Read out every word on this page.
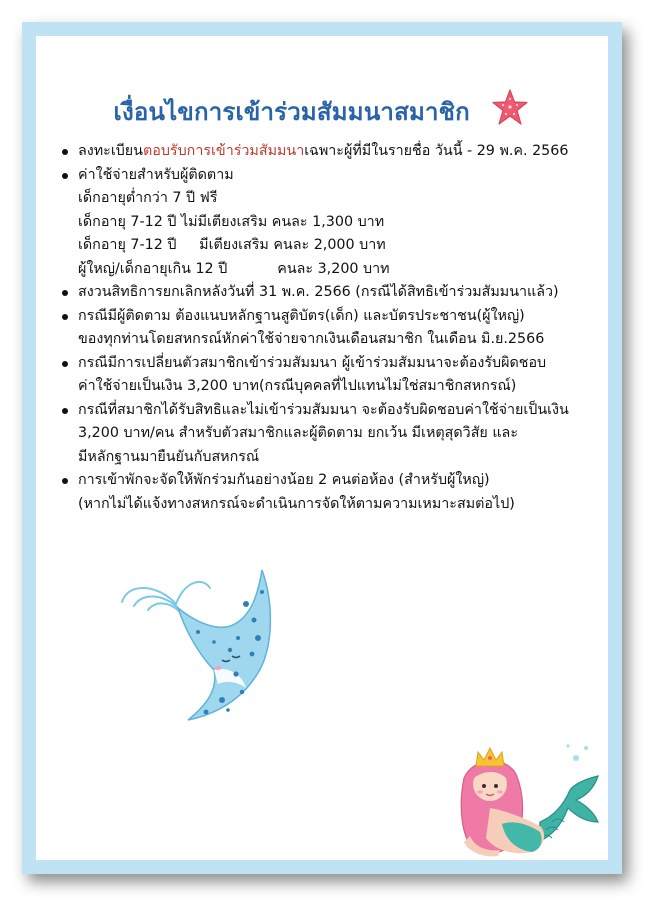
เงื่อนไขการเข้าร่วมสัมมนาสมาชิก
ลงทะเบียนตอบรับการเข้าร่วมสัมมนาเฉพาะผู้ที่มีในรายชื่อ วันนี้ - 29 พ.ค. 2566
ค่าใช้จ่ายสำหรับผู้ติดตาม
เด็กอายุต่ำกว่า 7 ปี ฟรี
เด็กอายุ 7-12 ปี ไม่มีเตียงเสริม คนละ 1,300 บาท
เด็กอายุ 7-12 ปี     มีเตียงเสริม คนละ 2,000 บาท
ผู้ใหญ่/เด็กอายุเกิน 12 ปี           คนละ 3,200 บาท
สงวนสิทธิการยกเลิกหลังวันที่ 31 พ.ค. 2566 (กรณีได้สิทธิเข้าร่วมสัมมนาแล้ว)
กรณีมีผู้ติดตาม ต้องแนบหลักฐานสูติบัตร(เด็ก) และบัตรประชาชน(ผู้ใหญ่)
ของทุกท่านโดยสหกรณ์หักค่าใช้จ่ายจากเงินเดือนสมาชิก ในเดือน มิ.ย.2566
กรณีมีการเปลี่ยนตัวสมาชิกเข้าร่วมสัมมนา ผู้เข้าร่วมสัมมนาจะต้องรับผิดชอบ
ค่าใช้จ่ายเป็นเงิน 3,200 บาท(กรณีบุคคลที่ไปแทนไม่ใช่สมาชิกสหกรณ์)
กรณีที่สมาชิกได้รับสิทธิและไม่เข้าร่วมสัมมนา จะต้องรับผิดชอบค่าใช้จ่ายเป็นเงิน
3,200 บาท/คน สำหรับตัวสมาชิกและผู้ติดตาม ยกเว้น มีเหตุสุดวิสัย และ
มีหลักฐานมายืนยันกับสหกรณ์
การเข้าพักจะจัดให้พักร่วมกันอย่างน้อย 2 คนต่อห้อง (สำหรับผู้ใหญ่)
(หากไม่ได้แจ้งทางสหกรณ์จะดำเนินการจัดให้ตามความเหมาะสมต่อไป)
